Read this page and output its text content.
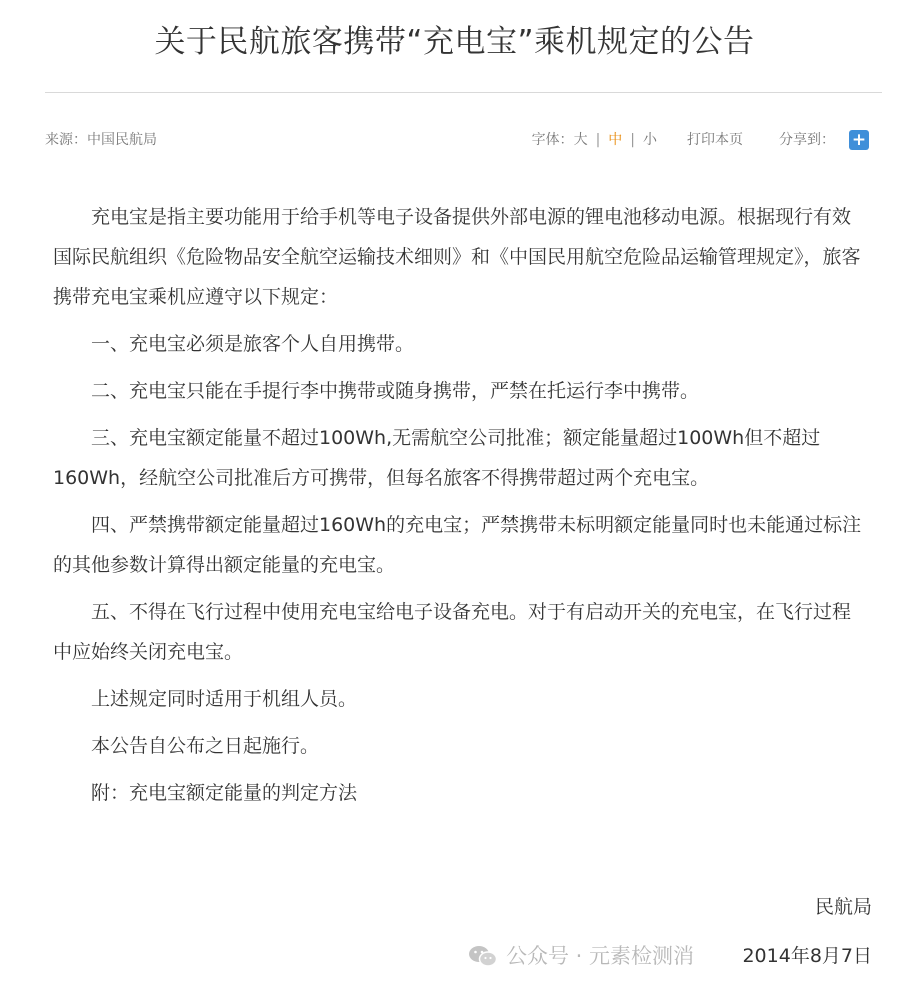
关于民航旅客携带“充电宝”乘机规定的公告
来源：中国民航局	字体： 大 | 中 | 小 打印本页	分享到： +

充电宝是指主要功能用于给手机等电子设备提供外部电源的锂电池移动电源。根据现行有效国际民航组织《危险物品安全航空运输技术细则》和《中国民用航空危险品运输管理规定》，旅客携带充电宝乘机应遵守以下规定：

一、充电宝必须是旅客个人自用携带。

二、充电宝只能在手提行李中携带或随身携带，严禁在托运行李中携带。

三、充电宝额定能量不超过100Wh,无需航空公司批准；额定能量超过100Wh但不超过160Wh，经航空公司批准后方可携带，但每名旅客不得携带超过两个充电宝。

四、严禁携带额定能量超过160Wh的充电宝；严禁携带未标明额定能量同时也未能通过标注的其他参数计算得出额定能量的充电宝。

五、不得在飞行过程中使用充电宝给电子设备充电。对于有启动开关的充电宝，在飞行过程中应始终关闭充电宝。

上述规定同时适用于机组人员。

本公告自公布之日起施行。

附：充电宝额定能量的判定方法

公众号 · 元素检测消
民航局
2014年8月7日
